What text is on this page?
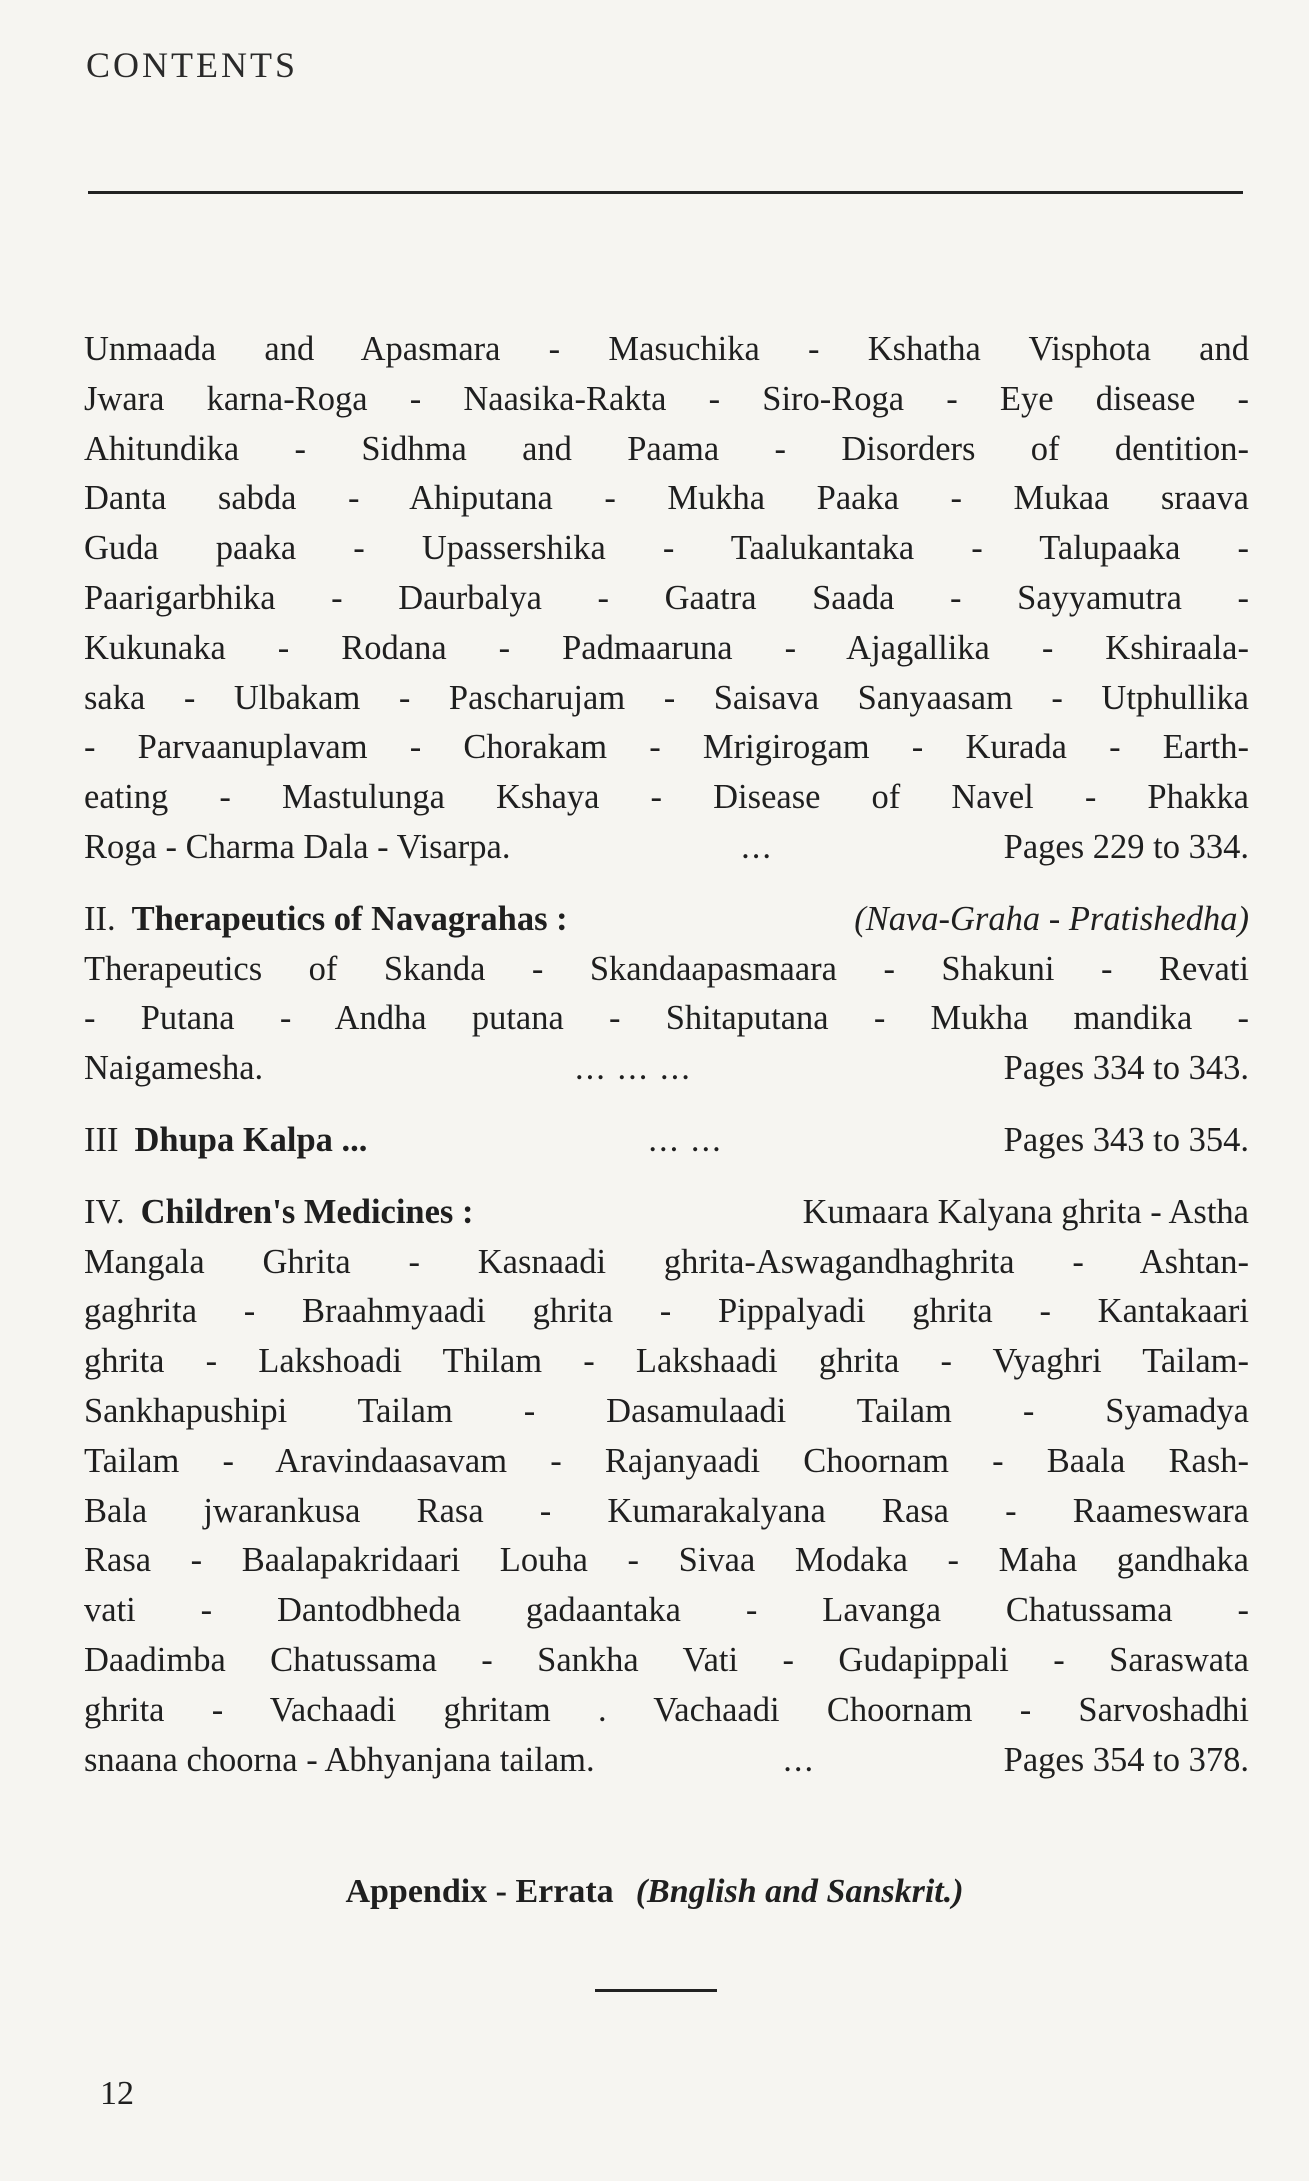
CONTENTS

Unmaada and Apasmara - Masuchika - Kshatha Visphota and

Jwara karna-Roga - Naasika-Rakta - Siro-Roga - Eye disease -

Ahitundika - Sidhma and Paama - Disorders of dentition-

Danta sabda - Ahiputana - Mukha Paaka - Mukaa sraava

Guda paaka - Upassershika - Taalukantaka - Talupaaka -

Paarigarbhika - Daurbalya - Gaatra Saada - Sayyamutra -

Kukunaka - Rodana - Padmaaruna - Ajagallika - Kshiraala-

saka - Ulbakam - Pascharujam - Saisava Sanyaasam - Utphullika

- Parvaanuplavam - Chorakam - Mrigirogam - Kurada - Earth-

eating - Mastulunga Kshaya - Disease of Navel - Phakka

Roga - Charma Dala - Visarpa.	...	Pages 229 to 334.
II. Therapeutics of Navagrahas :	(Nava-Graha - Pratishedha)

Therapeutics of Skanda - Skandaapasmaara - Shakuni - Revati

- Putana - Andha putana - Shitaputana - Mukha mandika -

Naigamesha.	... ... ...	Pages 334 to 343.
III Dhupa Kalpa ...	... ...	Pages 343 to 354.
IV. Children's Medicines :	Kumaara Kalyana ghrita - Astha

Mangala Ghrita - Kasnaadi ghrita-Aswagandhaghrita - Ashtan-

gaghrita - Braahmyaadi ghrita - Pippalyadi ghrita - Kantakaari

ghrita - Lakshoadi Thilam - Lakshaadi ghrita - Vyaghri Tailam-

Sankhapushipi Tailam - Dasamulaadi Tailam - Syamadya

Tailam - Aravindaasavam - Rajanyaadi Choornam - Baala Rash-

Bala jwarankusa Rasa - Kumarakalyana Rasa - Raameswara

Rasa - Baalapakridaari Louha - Sivaa Modaka - Maha gandhaka

vati - Dantodbheda gadaantaka - Lavanga Chatussama -

Daadimba Chatussama - Sankha Vati - Gudapippali - Saraswata

ghrita - Vachaadi ghritam . Vachaadi Choornam - Sarvoshadhi

snaana choorna - Abhyanjana tailam.	...	Pages 354 to 378.
Appendix - Errata (Bnglish and Sanskrit.)
12
